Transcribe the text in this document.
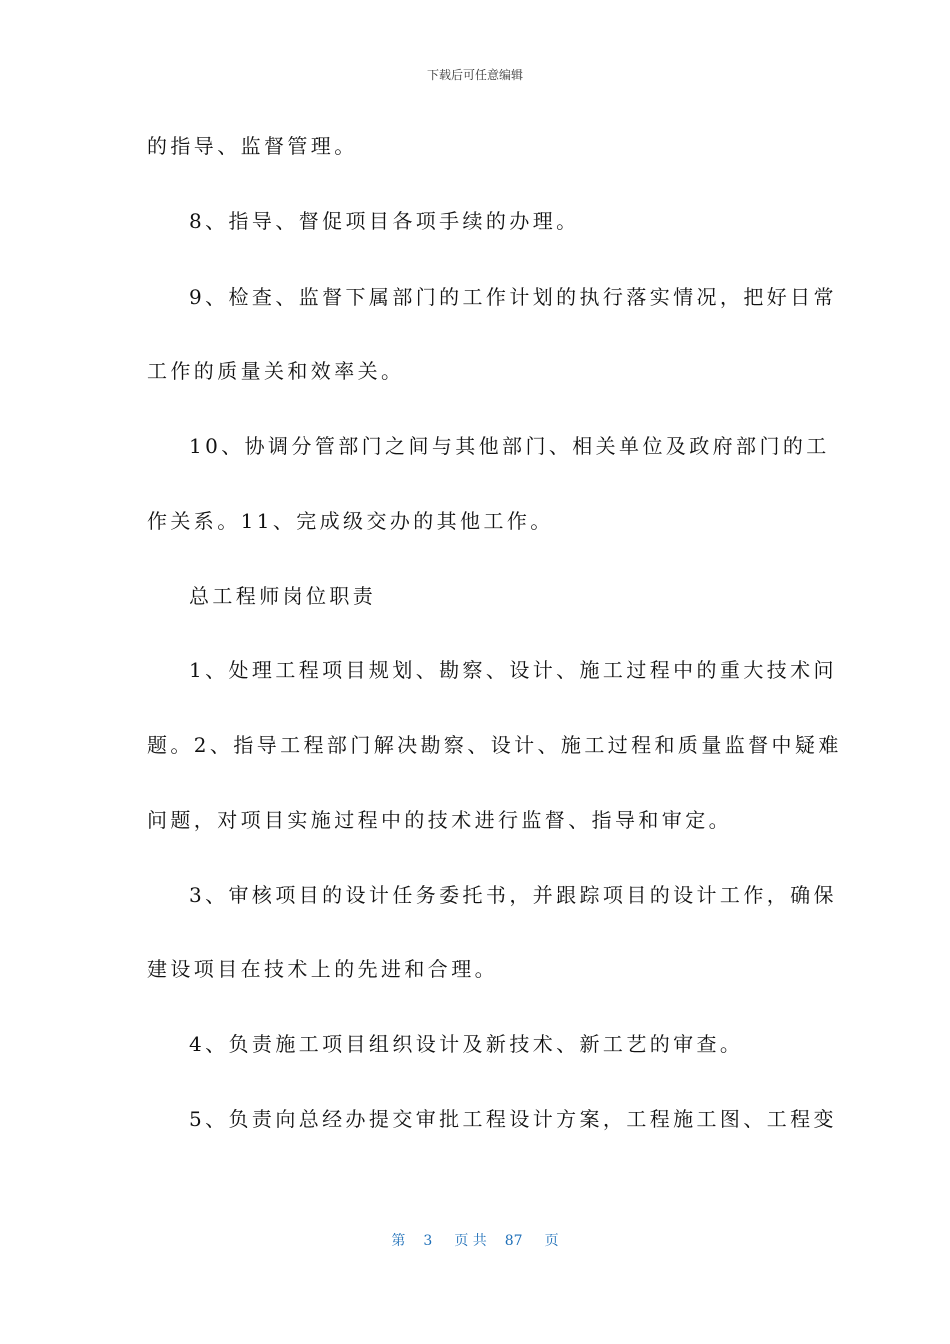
下载后可任意编辑
的指导、监督管理。
8、指导、督促项目各项手续的办理。
9、检查、监督下属部门的工作计划的执行落实情况，把好日常
工作的质量关和效率关。
10、协调分管部门之间与其他部门、相关单位及政府部门的工
作关系。11、完成级交办的其他工作。
总工程师岗位职责
1、处理工程项目规划、勘察、设计、施工过程中的重大技术问
题。2、指导工程部门解决勘察、设计、施工过程和质量监督中疑难
问题，对项目实施过程中的技术进行监督、指导和审定。
3、审核项目的设计任务委托书，并跟踪项目的设计工作，确保
建设项目在技术上的先进和合理。
4、负责施工项目组织设计及新技术、新工艺的审查。
5、负责向总经办提交审批工程设计方案，工程施工图、工程变
第 3 页 共 87 页
